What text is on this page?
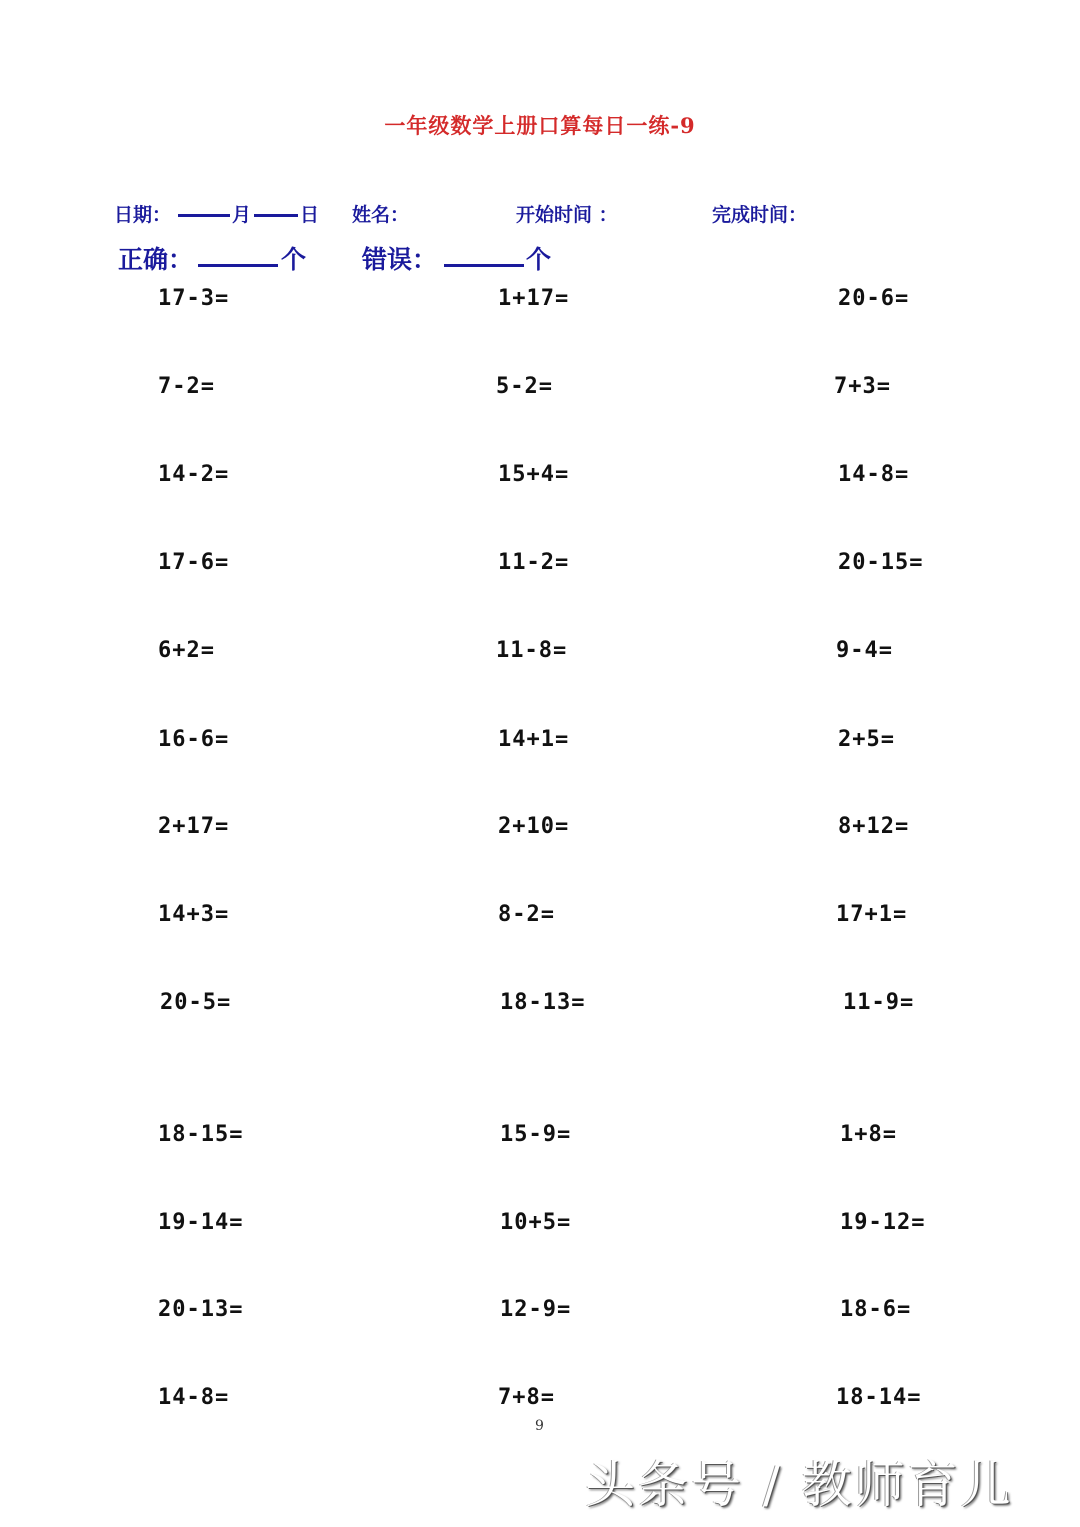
一年级数学上册口算每日一练-9
日期：	月	日 姓名：	开始时间 ：	完成时间：
正确：	个 错误：	个
17-3=	1+17=	20-6=
7-2=	5-2=	7+3=
14-2=	15+4=	14-8=
17-6=	11-2=	20-15=
6+2=	11-8=	9-4=
16-6=	14+1=	2+5=
2+17=	2+10=	8+12=
14+3=	8-2=	17+1=
20-5=	18-13=	11-9=
18-15=	15-9=	1+8=
19-14=	10+5=	19-12=
20-13=	12-9=	18-6=
14-8=	7+8=	18-14=
9
头条号 / 教师育儿
